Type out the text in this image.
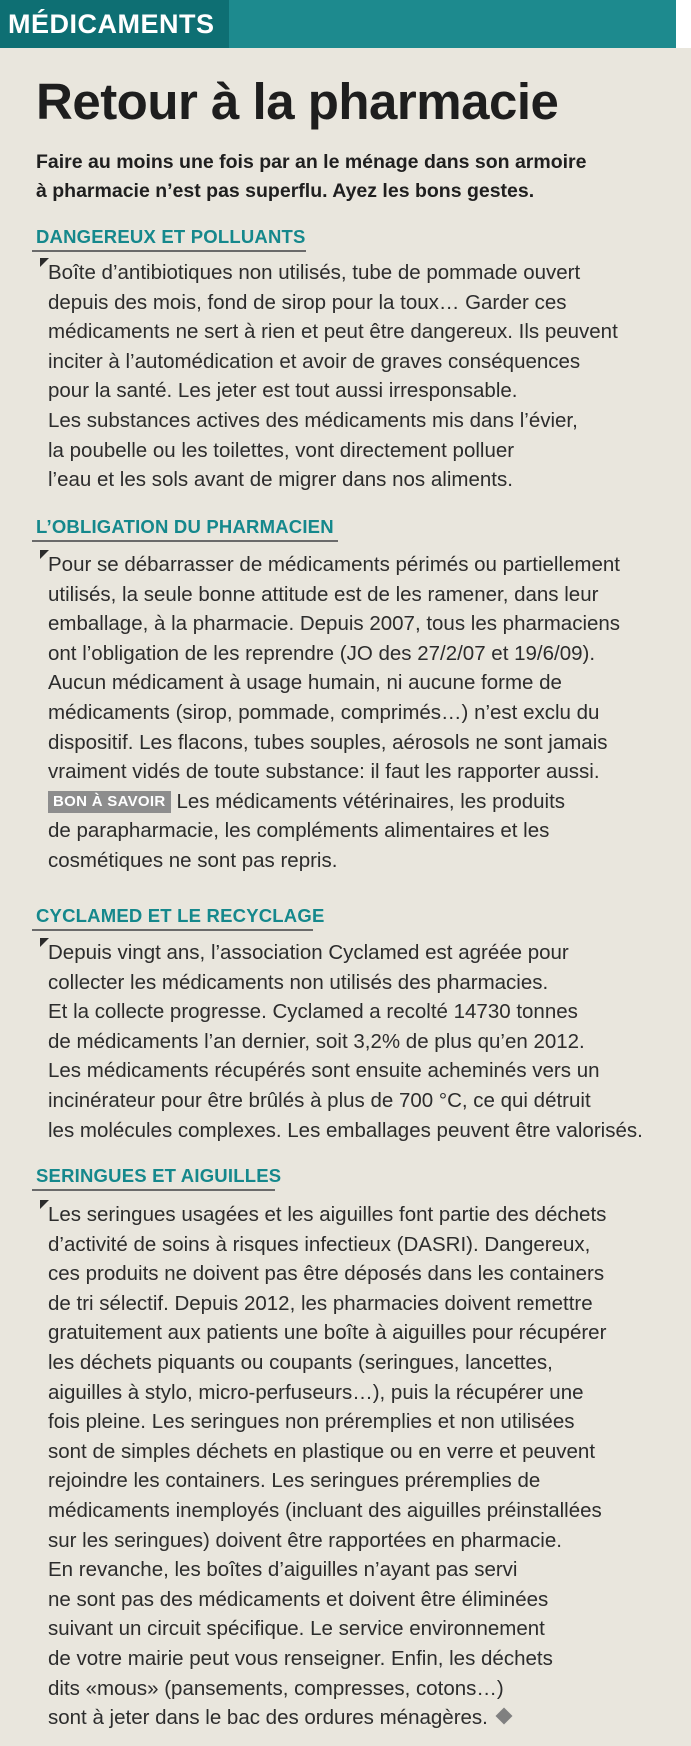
MÉDICAMENTS
Retour à la pharmacie

Faire au moins une fois par an le ménage dans son armoire
à pharmacie n’est pas superflu. Ayez les bons gestes.

DANGEREUX ET POLLUANTS
Boîte d’antibiotiques non utilisés, tube de pommade ouvert
depuis des mois, fond de sirop pour la toux… Garder ces
médicaments ne sert à rien et peut être dangereux. Ils peuvent
inciter à l’automédication et avoir de graves conséquences
pour la santé. Les jeter est tout aussi irresponsable.
Les substances actives des médicaments mis dans l’évier,
la poubelle ou les toilettes, vont directement polluer
l’eau et les sols avant de migrer dans nos aliments.
L’OBLIGATION DU PHARMACIEN
Pour se débarrasser de médicaments périmés ou partiellement
utilisés, la seule bonne attitude est de les ramener, dans leur
emballage, à la pharmacie. Depuis 2007, tous les pharmaciens
ont l’obligation de les reprendre (JO des 27/2/07 et 19/6/09).
Aucun médicament à usage humain, ni aucune forme de
médicaments (sirop, pommade, comprimés…) n’est exclu du
dispositif. Les flacons, tubes souples, aérosols ne sont jamais
vraiment vidés de toute substance: il faut les rapporter aussi.
BON À SAVOIR Les médicaments vétérinaires, les produits
de parapharmacie, les compléments alimentaires et les
cosmétiques ne sont pas repris.
CYCLAMED ET LE RECYCLAGE
Depuis vingt ans, l’association Cyclamed est agréée pour
collecter les médicaments non utilisés des pharmacies.
Et la collecte progresse. Cyclamed a recolté 14730 tonnes
de médicaments l’an dernier, soit 3,2% de plus qu’en 2012.
Les médicaments récupérés sont ensuite acheminés vers un
incinérateur pour être brûlés à plus de 700 °C, ce qui détruit
les molécules complexes. Les emballages peuvent être valorisés.
SERINGUES ET AIGUILLES
Les seringues usagées et les aiguilles font partie des déchets
d’activité de soins à risques infectieux (DASRI). Dangereux,
ces produits ne doivent pas être déposés dans les containers
de tri sélectif. Depuis 2012, les pharmacies doivent remettre
gratuitement aux patients une boîte à aiguilles pour récupérer
les déchets piquants ou coupants (seringues, lancettes,
aiguilles à stylo, micro-perfuseurs…), puis la récupérer une
fois pleine. Les seringues non préremplies et non utilisées
sont de simples déchets en plastique ou en verre et peuvent
rejoindre les containers. Les seringues préremplies de
médicaments inemployés (incluant des aiguilles préinstallées
sur les seringues) doivent être rapportées en pharmacie.
En revanche, les boîtes d’aiguilles n’ayant pas servi
ne sont pas des médicaments et doivent être éliminées
suivant un circuit spécifique. Le service environnement
de votre mairie peut vous renseigner. Enfin, les déchets
dits «mous» (pansements, compresses, cotons…)
sont à jeter dans le bac des ordures ménagères.
